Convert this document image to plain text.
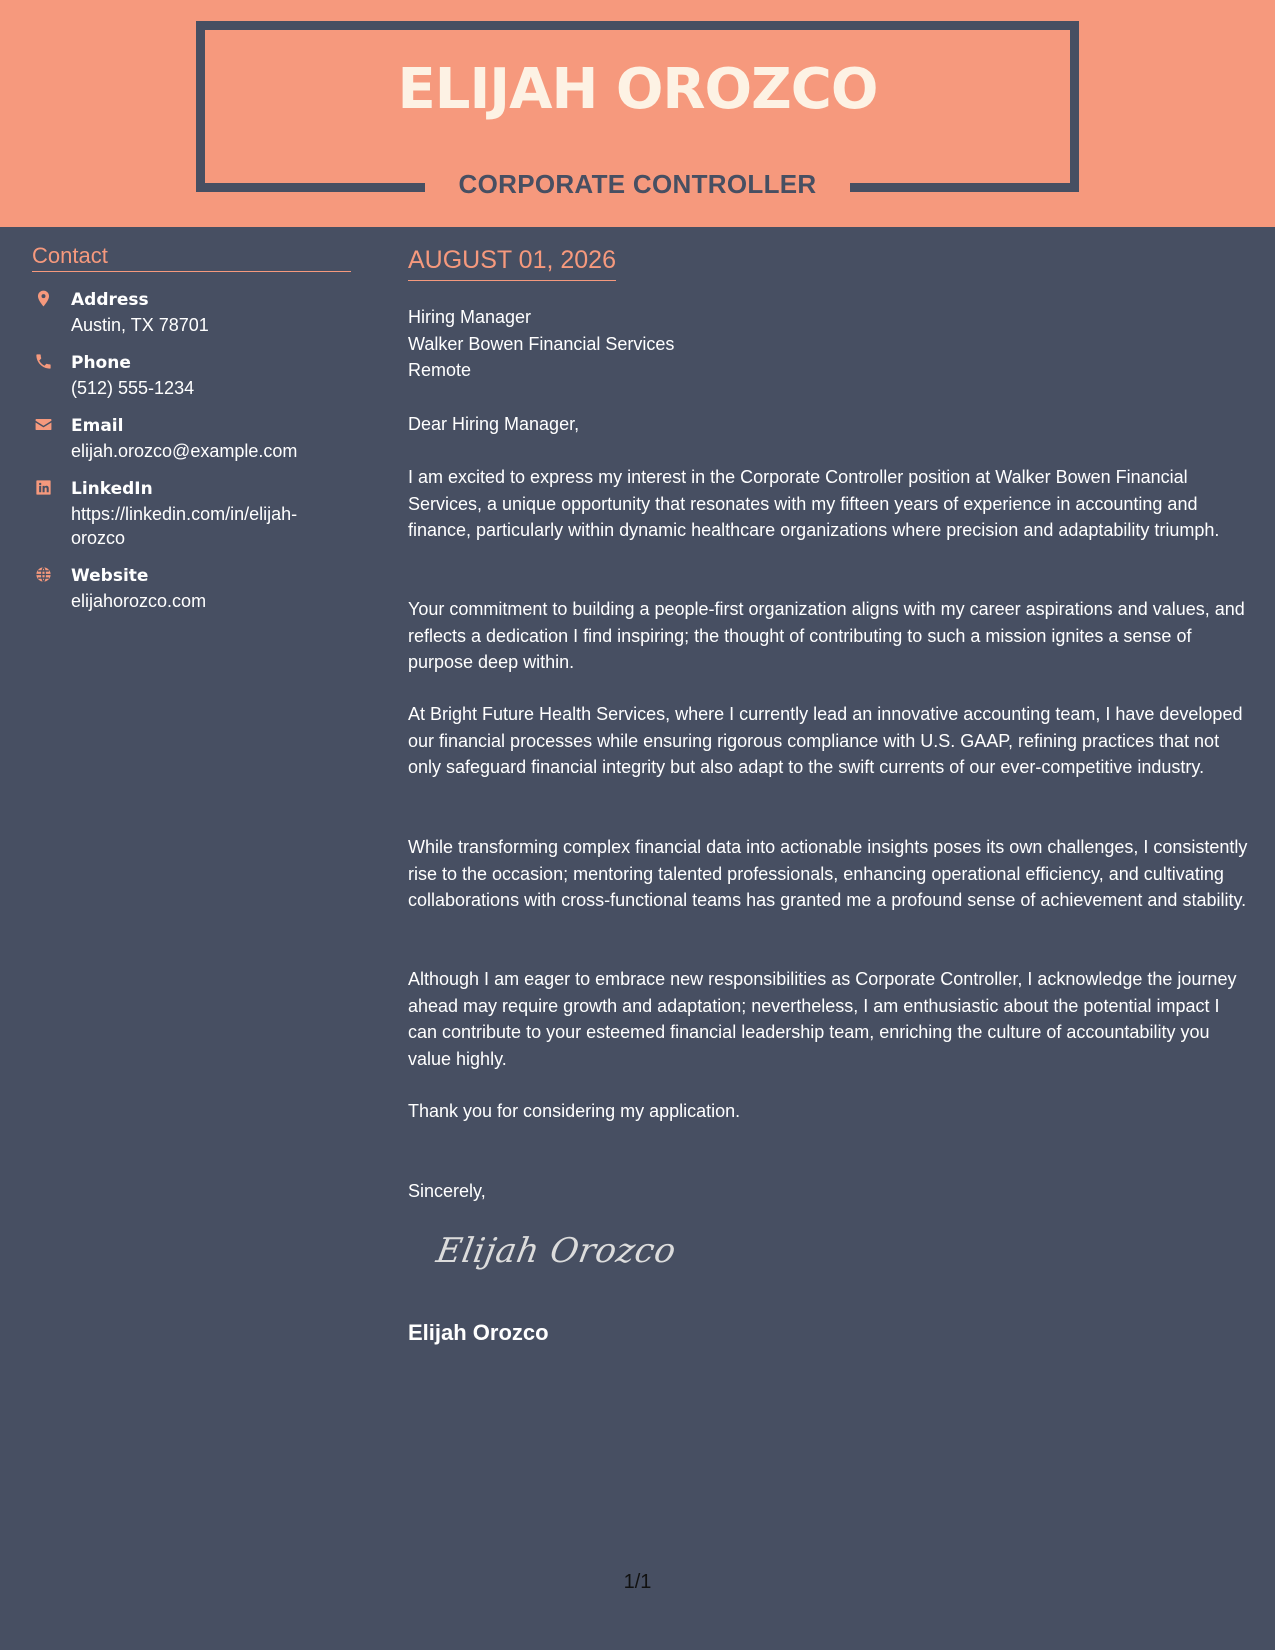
ELIJAH OROZCO
CORPORATE CONTROLLER
Contact
Address
Austin, TX 78701
Phone
(512) 555-1234
Email
elijah.orozco@example.com
LinkedIn
https://linkedin.com/in/elijah-orozco
Website
elijahorozco.com
AUGUST 01, 2026
Hiring Manager
Walker Bowen Financial Services
Remote

Dear Hiring Manager,

I am excited to express my interest in the Corporate Controller position at Walker Bowen Financial Services, a unique opportunity that resonates with my fifteen years of experience in accounting and finance, particularly within dynamic healthcare organizations where precision and adaptability triumph.

Your commitment to building a people-first organization aligns with my career aspirations and values, and reflects a dedication I find inspiring; the thought of contributing to such a mission ignites a sense of purpose deep within.

At Bright Future Health Services, where I currently lead an innovative accounting team, I have developed our financial processes while ensuring rigorous compliance with U.S. GAAP, refining practices that not only safeguard financial integrity but also adapt to the swift currents of our ever-competitive industry.

While transforming complex financial data into actionable insights poses its own challenges, I consistently rise to the occasion; mentoring talented professionals, enhancing operational efficiency, and cultivating collaborations with cross-functional teams has granted me a profound sense of achievement and stability.

Although I am eager to embrace new responsibilities as Corporate Controller, I acknowledge the journey ahead may require growth and adaptation; nevertheless, I am enthusiastic about the potential impact I can contribute to your esteemed financial leadership team, enriching the culture of accountability you value highly.

Thank you for considering my application.

Sincerely,

Elijah Orozco
Elijah Orozco
1/1
